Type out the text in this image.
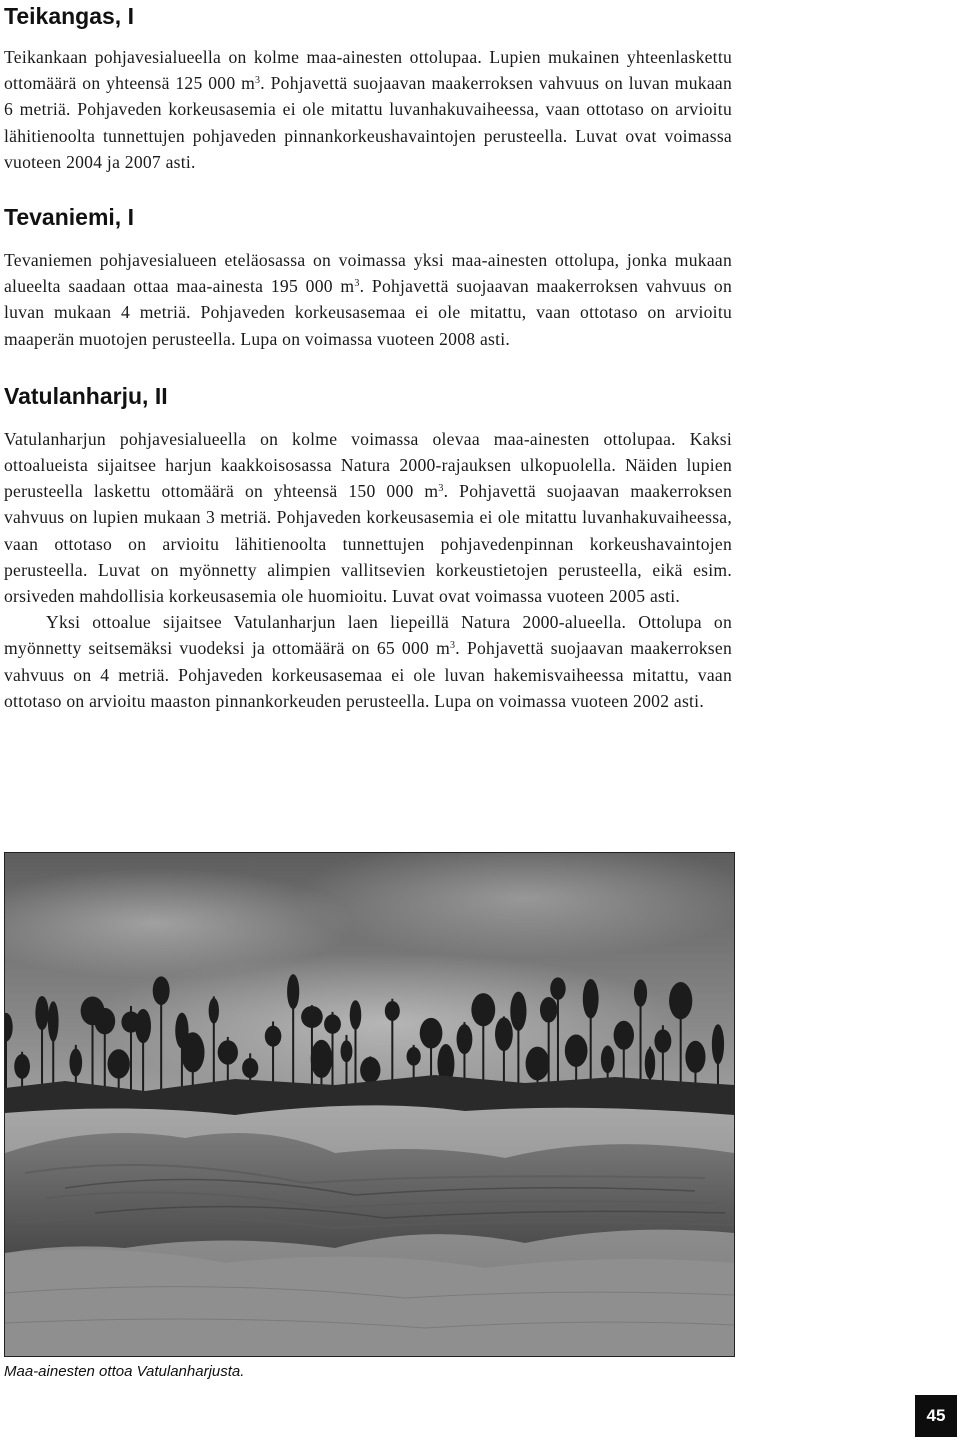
Teikangas, I

Teikankaan pohjavesialueella on kolme maa-ainesten ottolupaa. Lupien mukainen yhteenlaskettu ottomäärä on yhteensä 125 000 $m^3$. Pohjavettä suojaavan maakerroksen vahvuus on luvan mukaan 6 metriä. Pohjaveden korkeusasemia ei ole mitattu luvanhakuvaiheessa, vaan ottotaso on arvioitu lähitienoolta tunnettujen pohjaveden pinnankorkeushavaintojen perusteella. Luvat ovat voimassa vuoteen 2004 ja 2007 asti.

Tevaniemi, I

Tevaniemen pohjavesialueen eteläosassa on voimassa yksi maa-ainesten ottolupa, jonka mukaan alueelta saadaan ottaa maa-ainesta 195 000 $m^3$. Pohjavettä suojaavan maakerroksen vahvuus on luvan mukaan 4 metriä. Pohjaveden korkeusasemaa ei ole mitattu, vaan ottotaso on arvioitu maaperän muotojen perusteella. Lupa on voimassa vuoteen 2008 asti.

Vatulanharju, II

Vatulanharjun pohjavesialueella on kolme voimassa olevaa maa-ainesten ottolupaa. Kaksi ottoalueista sijaitsee harjun kaakkoisosassa Natura 2000-rajauksen ulkopuolella. Näiden lupien perusteella laskettu ottomäärä on yhteensä 150 000 $m^3$. Pohjavettä suojaavan maakerroksen vahvuus on lupien mukaan 3 metriä. Pohjaveden korkeusasemia ei ole mitattu luvanhakuvaiheessa, vaan ottotaso on arvioitu lähitienoolta tunnettujen pohjavedenpinnan korkeushavaintojen perusteella. Luvat on myönnetty alimpien vallitsevien korkeustietojen perusteella, eikä esim. orsiveden mahdollisia korkeusasemia ole huomioitu. Luvat ovat voimassa vuoteen 2005 asti.

Yksi ottoalue sijaitsee Vatulanharjun laen liepeillä Natura 2000-alueella. Ottolupa on myönnetty seitsemäksi vuodeksi ja ottomäärä on 65 000 $m^3$. Pohjavettä suojaavan maakerroksen vahvuus on 4 metriä. Pohjaveden korkeusasemaa ei ole luvan hakemisvaiheessa mitattu, vaan ottotaso on arvioitu maaston pinnankorkeuden perusteella. Lupa on voimassa vuoteen 2002 asti.

Maa-ainesten ottoa Vatulanharjusta.
45
